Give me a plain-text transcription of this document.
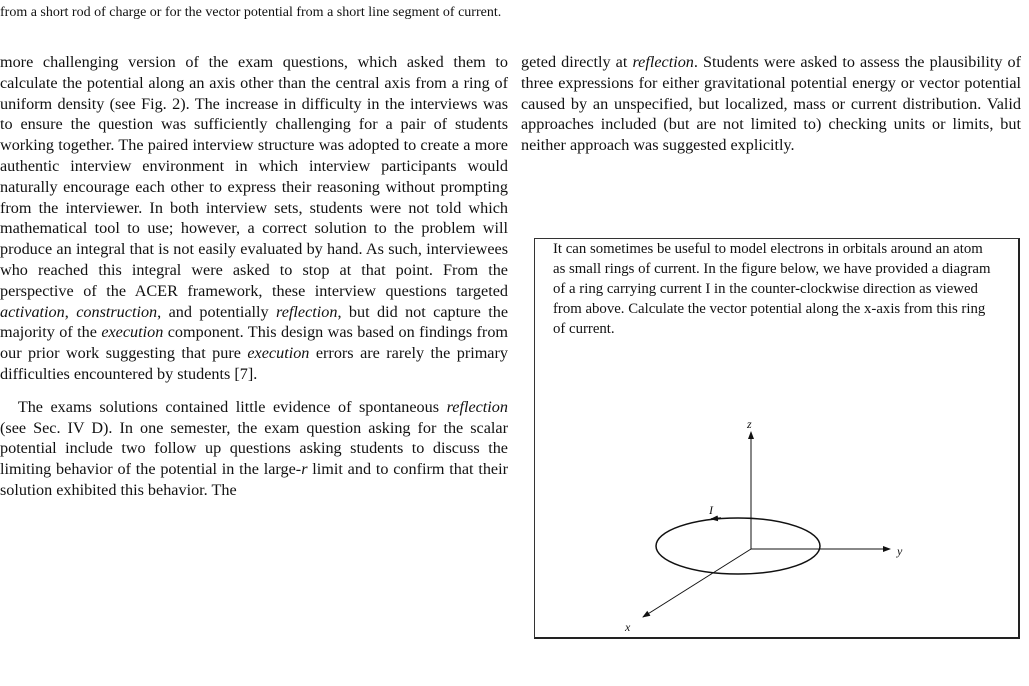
from a short rod of charge or for the vector potential from a short line segment of current.

more challenging version of the exam questions, which asked them to calculate the potential along an axis other than the central axis from a ring of uniform density (see Fig. 2). The increase in difficulty in the interviews was to ensure the question was sufficiently challenging for a pair of students working together. The paired interview structure was adopted to create a more authentic interview environment in which interview participants would naturally encourage each other to express their reasoning without prompting from the interviewer. In both interview sets, students were not told which mathematical tool to use; however, a correct solution to the problem will produce an integral that is not easily evaluated by hand. As such, interviewees who reached this integral were asked to stop at that point. From the perspective of the ACER framework, these interview questions targeted activation, construction, and potentially reflection, but did not capture the majority of the execution component. This design was based on findings from our prior work suggesting that pure execution errors are rarely the primary difficulties encountered by students [7].

The exams solutions contained little evidence of spontaneous reflection (see Sec. IV D). In one semester, the exam question asking for the scalar potential include two follow up questions asking students to discuss the limiting behavior of the potential in the large-r limit and to confirm that their solution exhibited this behavior. The

geted directly at reflection. Students were asked to assess the plausibility of three expressions for either gravitational potential energy or vector potential caused by an unspecified, but localized, mass or current distribution. Valid approaches included (but are not limited to) checking units or limits, but neither approach was suggested explicitly.

It can sometimes be useful to model electrons in orbitals around an atom as small rings of current. In the figure below, we have provided a diagram of a ring carrying current I in the counter-clockwise direction as viewed from above. Calculate the vector potential along the x-axis from this ring of current.
z
y
x
I
